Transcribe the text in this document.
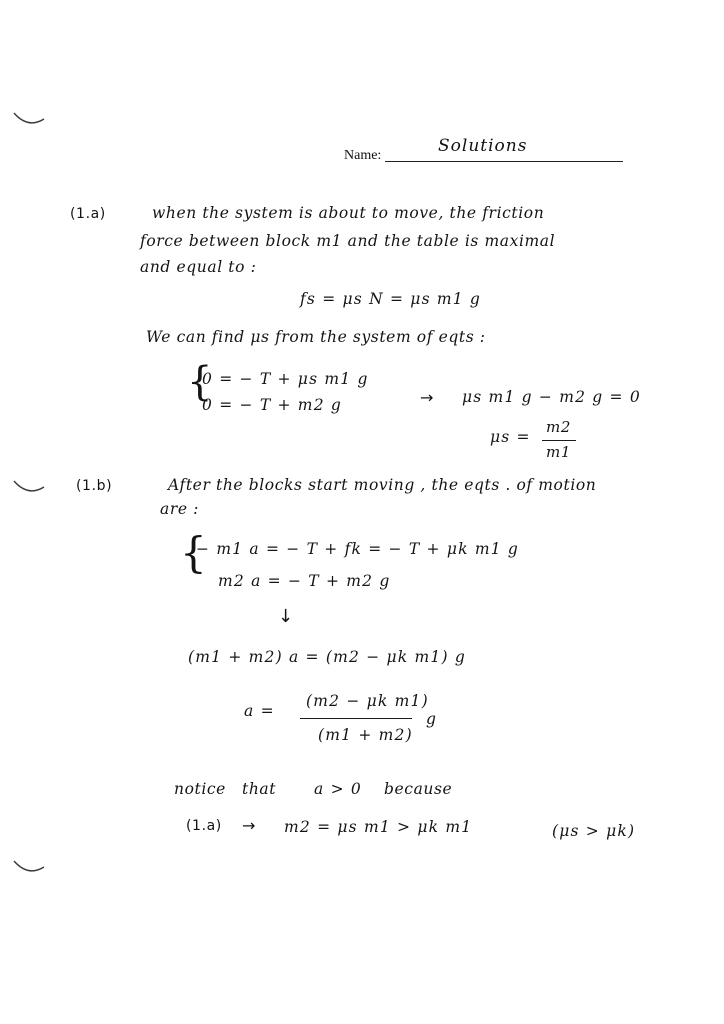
Name:	Solutions
(1.a)	when the system is about to move, the friction
force between block m1 and the table is maximal
and equal to :
fs = μs N = μs m1 g
We can find μs from the system of eqts :
{
0 = − T + μs m1 g
0 = − T + m2 g	→ μs m1 g − m2 g = 0
μs =
m2
m1
(1.b)	After the blocks start moving , the eqts . of motion
are :
{
− m1 a = − T + fk = − T + μk m1 g
m2 a = − T + m2 g
↓
(m1 + m2) a = (m2 − μk m1) g
a =
(m2 − μk m1)
(m1 + m2)
g
notice that a > 0 because
(1.a) → m2 = μs m1 > μk m1	(μs > μk)
